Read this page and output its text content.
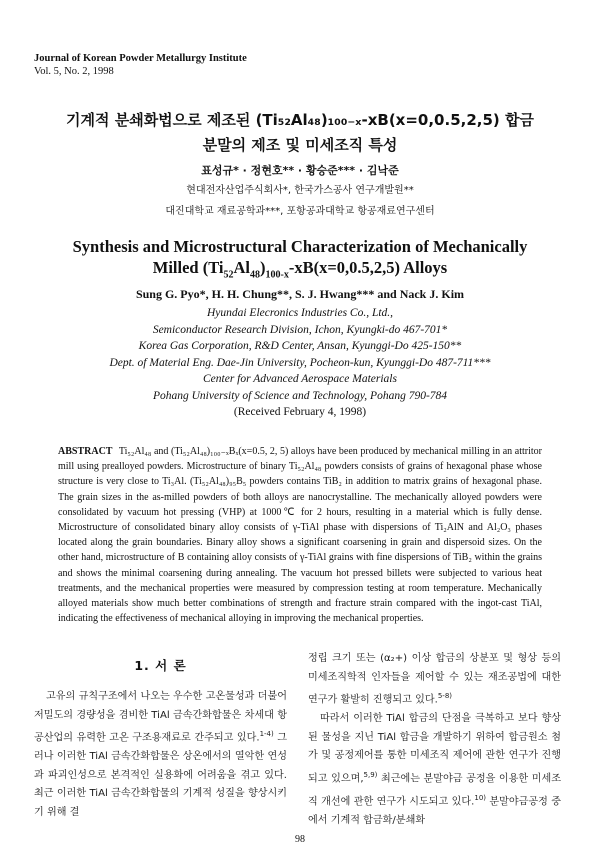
Journal of Korean Powder Metallurgy Institute
Vol. 5, No. 2, 1998
기계적 분쇄화법으로 제조된 (Ti₅₂Al₄₈)₁₀₀₋ₓ-xB(x=0,0.5,2,5) 합금
분말의 제조 및 미세조직 특성
표성규* · 정현호** · 황승준*** · 김낙준
현대전자산업주식회사*, 한국가스공사 연구개발원**
대진대학교 재료공학과***, 포항공과대학교 항공재료연구센터
Synthesis and Microstructural Characterization of Mechanically
Milled $(Ti_{52}Al_{48})_{100-x}-xB(x=0,0.5,2,5)$ Alloys
Sung G. Pyo*, H. H. Chung**, S. J. Hwang*** and Nack J. Kim
Hyundai Elecronics Industries Co., Ltd.,
Semiconductor Research Division, Ichon, Kyungki-do 467-701*
Korea Gas Corporation, R&D Center, Ansan, Kyunggi-Do 425-150**
Dept. of Material Eng. Dae-Jin University, Pocheon-kun, Kyunggi-Do 487-711***
Center for Advanced Aerospace Materials
Pohang University of Science and Technology, Pohang 790-784
(Received February 4, 1998)
ABSTRACT Ti₅₂Al₄₈ and (Ti₅₂Al₄₈)₁₀₀₋ₓBₓ(x=0.5, 2, 5) alloys have been produced by mechanical milling in an attritor mill using prealloyed powders. Microstructure of binary Ti₅₂Al₄₈ powders consists of grains of hexagonal phase whose structure is very close to Ti₃Al. (Ti₅₂Al₄₈)₉₅B₅ powders contains TiB₂ in addition to matrix grains of hexagonal phase. The grain sizes in the as-milled powders of both alloys are nanocrystalline. The mechanically alloyed powders were consolidated by vacuum hot pressing (VHP) at 1000℃ for 2 hours, resulting in a material which is fully dense. Microstructure of consolidated binary alloy consists of γ-TiAl phase with dispersions of Ti₂AlN and Al₂O₃ phases located along the grain boundaries. Binary alloy shows a significant coarsening in grain and dispersoid sizes. On the other hand, microstructure of B containing alloy consists of γ-TiAl grains with fine dispersions of TiB₂ within the grains and shows the minimal coarsening during annealing. The vacuum hot pressed billets were subjected to various heat treatments, and the mechanical properties were measured by compression testing at room temperature. Mechanically alloyed materials show much better combinations of strength and fracture strain compared with the ingot-cast TiAl, indicating the effectiveness of mechanical alloying in improving the mechanical properties.
1. 서 론

고유의 규칙구조에서 나오는 우수한 고온물성과 더불어 저밀도의 경량성을 겸비한 TiAl 금속간화합물은 차세대 항공산업의 유력한 고온 구조용재료로 간주되고 있다.$^{1-4)}$ 그러나 이러한 TiAl 금속간화합물은 상온에서의 열악한 연성과 파괴인성으로 본격적인 실용화에 어려움을 겪고 있다. 최근 이러한 TiAl 금속간화합물의 기계적 성질을 향상시키기 위해 결

정립 크기 또는 (α₂+) 이상 합금의 상분포 및 형상 등의 미세조직학적 인자들을 제어할 수 있는 재조공법에 대한 연구가 활발히 진행되고 있다.$^{5-8)}$

따라서 이러한 TiAl 합금의 단점을 극복하고 보다 향상된 물성을 지닌 TiAl 합금을 개발하기 위하여 합금원소 첨가 및 공정제어를 통한 미세조직 제어에 관한 연구가 진행되고 있으며,$^{5,9)}$ 최근에는 분말야금 공정을 이용한 미세조직 개선에 관한 연구가 시도되고 있다.$^{10)}$ 분말야금공정 중에서 기계적 합금화/분쇄화

98
